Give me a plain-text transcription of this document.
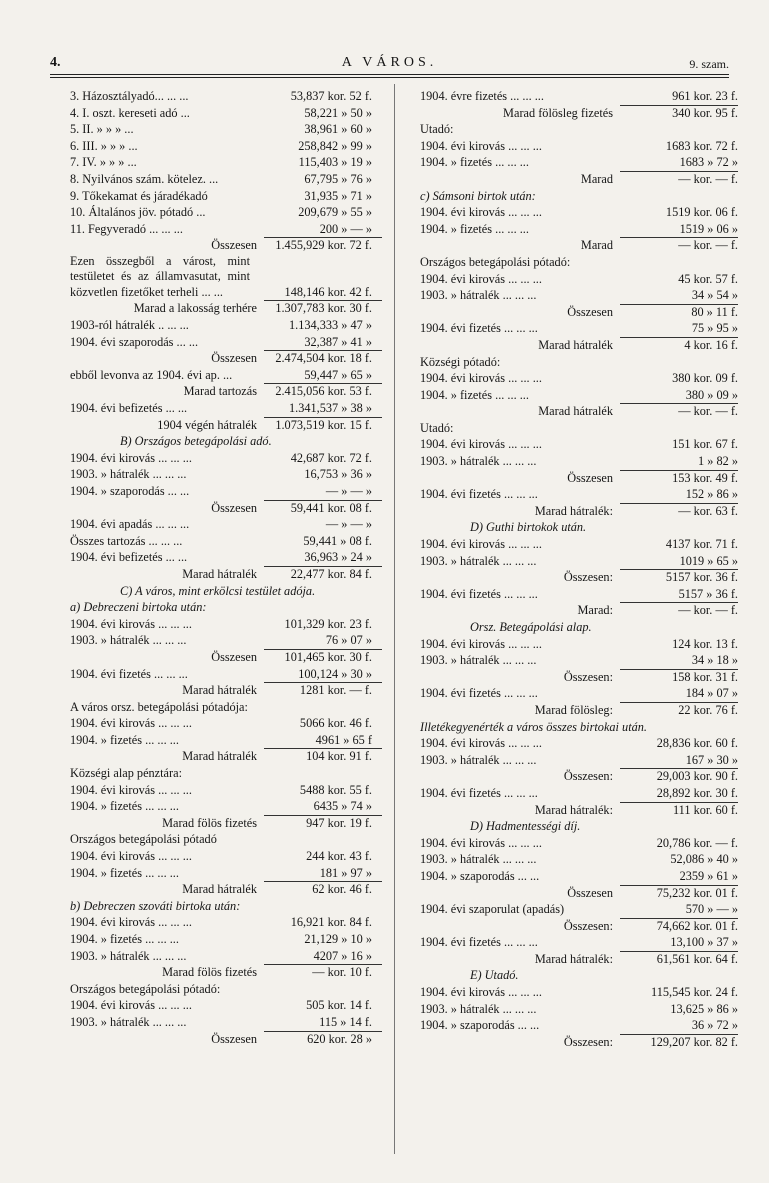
4.	A VÁROS.	9. szam.
3. Házosztályadó... ... ...	53,837 kor. 52 f.
4. I. oszt. kereseti adó ...	58,221 » 50 »
5. II. » » » ...	38,961 » 60 »
6. III. » » » ...	258,842 » 99 »
7. IV. » » » ...	115,403 » 19 »
8. Nyilvános szám. kötelez. ...	67,795 » 76 »
9. Tőkekamat és járadékadó	31,935 » 71 »
10. Általános jöv. pótadó ...	209,679 » 55 »
11. Fegyveradó ... ... ...	200 » — »
Összesen 1.455,929 kor. 72 f.
Ezen összegből a várost, mint testületet és az államvasutat, mint közvetlen fizetőket terheli ... ...	148,146 kor. 42 f.
Marad a lakosság terhére 1.307,783 kor. 30 f.
1903-ról hátralék .. ... ...	1.134,333 » 47 »
1904. évi szaporodás ... ...	32,387 » 41 »
Összesen 2.474,504 kor. 18 f.
ebből levonva az 1904. évi ap. ...	59,447 » 65 »
Marad tartozás 2.415,056 kor. 53 f.
1904. évi befizetés ... ...	1.341,537 » 38 »
1904 végén hátralék 1.073,519 kor. 15 f.
B) Országos betegápolási adó.
1904. évi kirovás ... ... ...	42,687 kor. 72 f.
1903. » hátralék ... ... ...	16,753 » 36 »
1904. » szaporodás ... ...	— » — »
Összesen	59,441 kor. 08 f.
1904. évi apadás ... ... ...	— » — »
Összes tartozás ... ... ...	59,441 » 08 f.
1904. évi befizetés ... ...	36,963 » 24 »
Marad hátralék	22,477 kor. 84 f.
C) A város, mint erkölcsi testület adója.
a) Debreczeni birtoka után:
1904. évi kirovás ... ... ...	101,329 kor. 23 f.
1903. » hátralék ... ... ...	76 » 07 »
Összesen 101,465 kor. 30 f.
1904. évi fizetés ... ... ...	100,124 » 30 »
Marad hátralék	1281 kor. — f.
A város orsz. betegápolási pótadója:
1904. évi kirovás ... ... ...	5066 kor. 46 f.
1904. » fizetés ... ... ...	4961 » 65 f
Marad hátralék	104 kor. 91 f.
Községi alap pénztára:
1904. évi kirovás ... ... ...	5488 kor. 55 f.
1904. » fizetés ... ... ...	6435 » 74 »
Marad fölös fizetés	947 kor. 19 f.
Országos betegápolási pótadó
1904. évi kirovás ... ... ...	244 kor. 43 f.
1904. » fizetés ... ... ...	181 » 97 »
Marad hátralék	62 kor. 46 f.
b) Debreczen szováti birtoka után:
1904. évi kirovás ... ... ...	16,921 kor. 84 f.
1904. » fizetés ... ... ...	21,129 » 10 »
1903. » hátralék ... ... ...	4207 » 16 »
Marad fölös fizetés	— kor. 10 f.
Országos betegápolási pótadó:
1904. évi kirovás ... ... ...	505 kor. 14 f.
1903. » hátralék ... ... ...	115 » 14 f.
Összesen	620 kor. 28 »
1904. évre fizetés ... ... ...	961 kor. 23 f.
Marad fölösleg fizetés	340 kor. 95 f.
Utadó:
1904. évi kirovás ... ... ...	1683 kor. 72 f.
1904. » fizetés ... ... ...	1683 » 72 »
Marad	— kor. — f.
c) Sámsoni birtok után:
1904. évi kirovás ... ... ...	1519 kor. 06 f.
1904. » fizetés ... ... ...	1519 » 06 »
Marad	— kor. — f.
Országos betegápolási pótadó:
1904. évi kirovás ... ... ...	45 kor. 57 f.
1903. » hátralék ... ... ...	34 » 54 »
Összesen	80 » 11 f.
1904. évi fizetés ... ... ...	75 » 95 »
Marad hátralék	4 kor. 16 f.
Községi pótadó:
1904. évi kirovás ... ... ...	380 kor. 09 f.
1904. » fizetés ... ... ...	380 » 09 »
Marad hátralék	— kor. — f.
Utadó:
1904. évi kirovás ... ... ...	151 kor. 67 f.
1903. » hátralék ... ... ...	1 » 82 »
Összesen	153 kor. 49 f.
1904. évi fizetés ... ... ...	152 » 86 »
Marad hátralék:	— kor. 63 f.
D) Guthi birtokok után.
1904. évi kirovás ... ... ...	4137 kor. 71 f.
1903. » hátralék ... ... ...	1019 » 65 »
Összesen:	5157 kor. 36 f.
1904. évi fizetés ... ... ...	5157 » 36 f.
Marad:	— kor. — f.
Orsz. Betegápolási alap.
1904. évi kirovás ... ... ...	124 kor. 13 f.
1903. » hátralék ... ... ...	34 » 18 »
Összesen:	158 kor. 31 f.
1904. évi fizetés ... ... ...	184 » 07 »
Marad fölösleg:	22 kor. 76 f.
Illetékegyenérték a város összes birtokai után.
1904. évi kirovás ... ... ...	28,836 kor. 60 f.
1903. » hátralék ... ... ...	167 » 30 »
Összesen:	29,003 kor. 90 f.
1904. évi fizetés ... ... ...	28,892 kor. 30 f.
Marad hátralék:	111 kor. 60 f.
D) Hadmentességi díj.
1904. évi kirovás ... ... ...	20,786 kor. — f.
1903. » hátralék ... ... ...	52,086 » 40 »
1904. » szaporodás ... ...	2359 » 61 »
Összesen	75,232 kor. 01 f.
1904. évi szaporulat (apadás)	570 » — »
Összesen:	74,662 kor. 01 f.
1904. évi fizetés ... ... ...	13,100 » 37 »
Marad hátralék:	61,561 kor. 64 f.
E) Utadó.
1904. évi kirovás ... ... ...	115,545 kor. 24 f.
1903. » hátralék ... ... ...	13,625 » 86 »
1904. » szaporodás ... ...	36 » 72 »
Összesen:	129,207 kor. 82 f.
